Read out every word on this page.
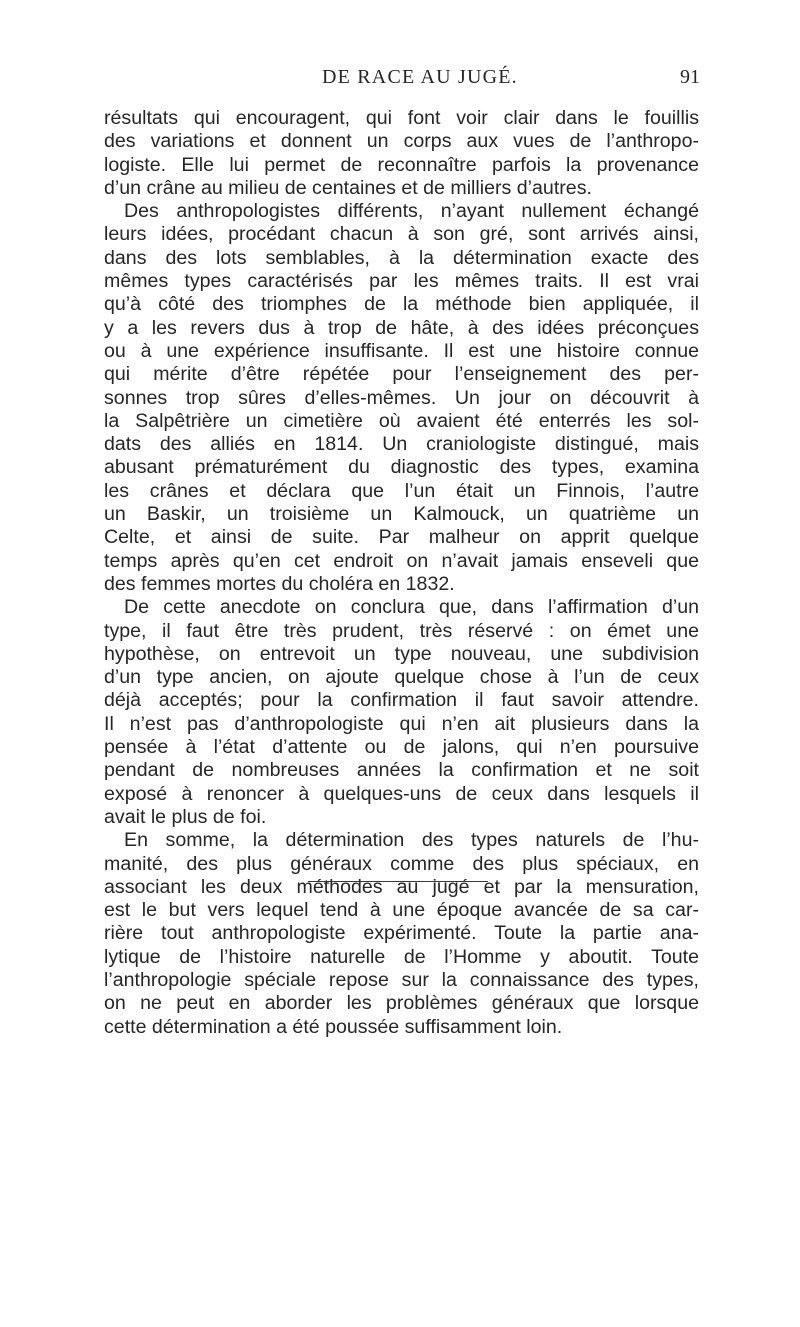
DE RACE AU JUGÉ.	91
résultats qui encouragent, qui font voir clair dans le fouillis
des variations et donnent un corps aux vues de l’anthropo-
logiste. Elle lui permet de reconnaître parfois la provenance
d’un crâne au milieu de centaines et de milliers d’autres.
Des anthropologistes différents, n’ayant nullement échangé
leurs idées, procédant chacun à son gré, sont arrivés ainsi,
dans des lots semblables, à la détermination exacte des
mêmes types caractérisés par les mêmes traits. Il est vrai
qu’à côté des triomphes de la méthode bien appliquée, il
y a les revers dus à trop de hâte, à des idées préconçues
ou à une expérience insuffisante. Il est une histoire connue
qui mérite d’être répétée pour l’enseignement des per-
sonnes trop sûres d’elles-mêmes. Un jour on découvrit à
la Salpêtrière un cimetière où avaient été enterrés les sol-
dats des alliés en 1814. Un craniologiste distingué, mais
abusant prématurément du diagnostic des types, examina
les crânes et déclara que l’un était un Finnois, l’autre
un Baskir, un troisième un Kalmouck, un quatrième un
Celte, et ainsi de suite. Par malheur on apprit quelque
temps après qu’en cet endroit on n’avait jamais enseveli que
des femmes mortes du choléra en 1832.
De cette anecdote on conclura que, dans l’affirmation d’un
type, il faut être très prudent, très réservé : on émet une
hypothèse, on entrevoit un type nouveau, une subdivision
d’un type ancien, on ajoute quelque chose à l’un de ceux
déjà acceptés; pour la confirmation il faut savoir attendre.
Il n’est pas d’anthropologiste qui n’en ait plusieurs dans la
pensée à l’état d’attente ou de jalons, qui n’en poursuive
pendant de nombreuses années la confirmation et ne soit
exposé à renoncer à quelques-uns de ceux dans lesquels il
avait le plus de foi.
En somme, la détermination des types naturels de l’hu-
manité, des plus généraux comme des plus spéciaux, en
associant les deux méthodes au jugé et par la mensuration,
est le but vers lequel tend à une époque avancée de sa car-
rière tout anthropologiste expérimenté. Toute la partie ana-
lytique de l’histoire naturelle de l’Homme y aboutit. Toute
l’anthropologie spéciale repose sur la connaissance des types,
on ne peut en aborder les problèmes généraux que lorsque
cette détermination a été poussée suffisamment loin.
